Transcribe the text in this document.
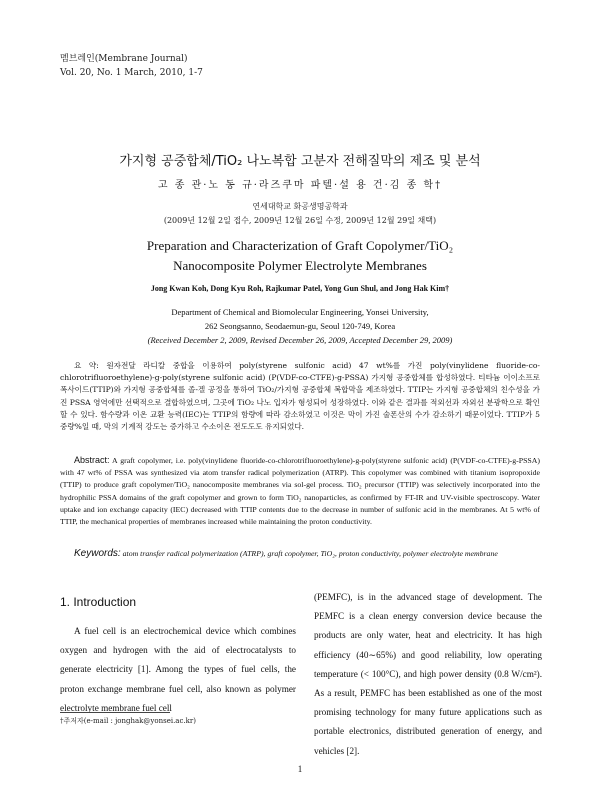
멤브레인(Membrane Journal)
Vol. 20, No. 1 March, 2010, 1-7
가지형 공중합체/TiO₂ 나노복합 고분자 전해질막의 제조 및 분석
고 종 관·노 동 규·라즈쿠마 파텔·설 용 건·김 종 학†
연세대학교 화공생명공학과
(2009년 12월 2일 접수, 2009년 12월 26일 수정, 2009년 12월 29일 채택)
Preparation and Characterization of Graft Copolymer/TiO₂
Nanocomposite Polymer Electrolyte Membranes
Jong Kwan Koh, Dong Kyu Roh, Rajkumar Patel, Yong Gun Shul, and Jong Hak Kim†
Department of Chemical and Biomolecular Engineering, Yonsei University,
262 Seongsanno, Seodaemun-gu, Seoul 120-749, Korea
(Received December 2, 2009, Revised December 26, 2009, Accepted December 29, 2009)

요 약: 원자전달 라디칼 중합을 이용하여 poly(styrene sulfonic acid) 47 wt%를 가진 poly(vinylidene fluoride-co-chlorotrifluoroethylene)-g-poly(styrene sulfonic acid) (P(VDF-co-CTFE)-g-PSSA) 가지형 공중합체를 합성하였다. 티타늄 이이소프로폭사이드(TTIP)와 가지형 공중합체를 졸-겔 공정을 통하여 TiO₂/가지형 공중합체 복합막을 제조하였다. TTIP는 가지형 공중합체의 친수성을 가진 PSSA 영역에만 선택적으로 결합하였으며, 그곳에 TiO₂ 나노 입자가 형성되어 성장하였다. 이와 같은 결과를 적외선과 자외선 분광학으로 확인할 수 있다. 함수량과 이온 교환 능력(IEC)는 TTIP의 함량에 따라 감소하였고 이것은 막이 가진 술폰산의 수가 감소하기 때문이었다. TTIP가 5 중량%일 때, 막의 기계적 강도는 증가하고 수소이온 전도도도 유지되었다.

Abstract: A graft copolymer, i.e. poly(vinylidene fluoride-co-chlorotrifluoroethylene)-g-poly(styrene sulfonic acid) (P(VDF-co-CTFE)-g-PSSA) with 47 wt% of PSSA was synthesized via atom transfer radical polymerization (ATRP). This copolymer was combined with titanium isopropoxide (TTIP) to produce graft copolymer/TiO₂ nanocomposite membranes via sol-gel process. TiO₂ precursor (TTIP) was selectively incorporated into the hydrophilic PSSA domains of the graft copolymer and grown to form TiO₂ nanoparticles, as confirmed by FT-IR and UV-visible spectroscopy. Water uptake and ion exchange capacity (IEC) decreased with TTIP contents due to the decrease in number of sulfonic acid in the membranes. At 5 wt% of TTIP, the mechanical properties of membranes increased while maintaining the proton conductivity.

Keywords: atom transfer radical polymerization (ATRP), graft copolymer, TiO₂, proton conductivity, polymer electrolyte membrane

1. Introduction

A fuel cell is an electrochemical device which combines oxygen and hydrogen with the aid of electrocatalysts to generate electricity [1]. Among the types of fuel cells, the proton exchange membrane fuel cell, also known as polymer electrolyte membrane fuel cell

(PEMFC), is in the advanced stage of development. The PEMFC is a clean energy conversion device because the products are only water, heat and electricity. It has high efficiency (40∼65%) and good reliability, low operating temperature (< 100°C), and high power density (0.8 W/cm²). As a result, PEMFC has been established as one of the most promising technology for many future applications such as portable electronics, distributed generation of energy, and vehicles [2].

†주저자(e-mail : jonghak@yonsei.ac.kr)
1
